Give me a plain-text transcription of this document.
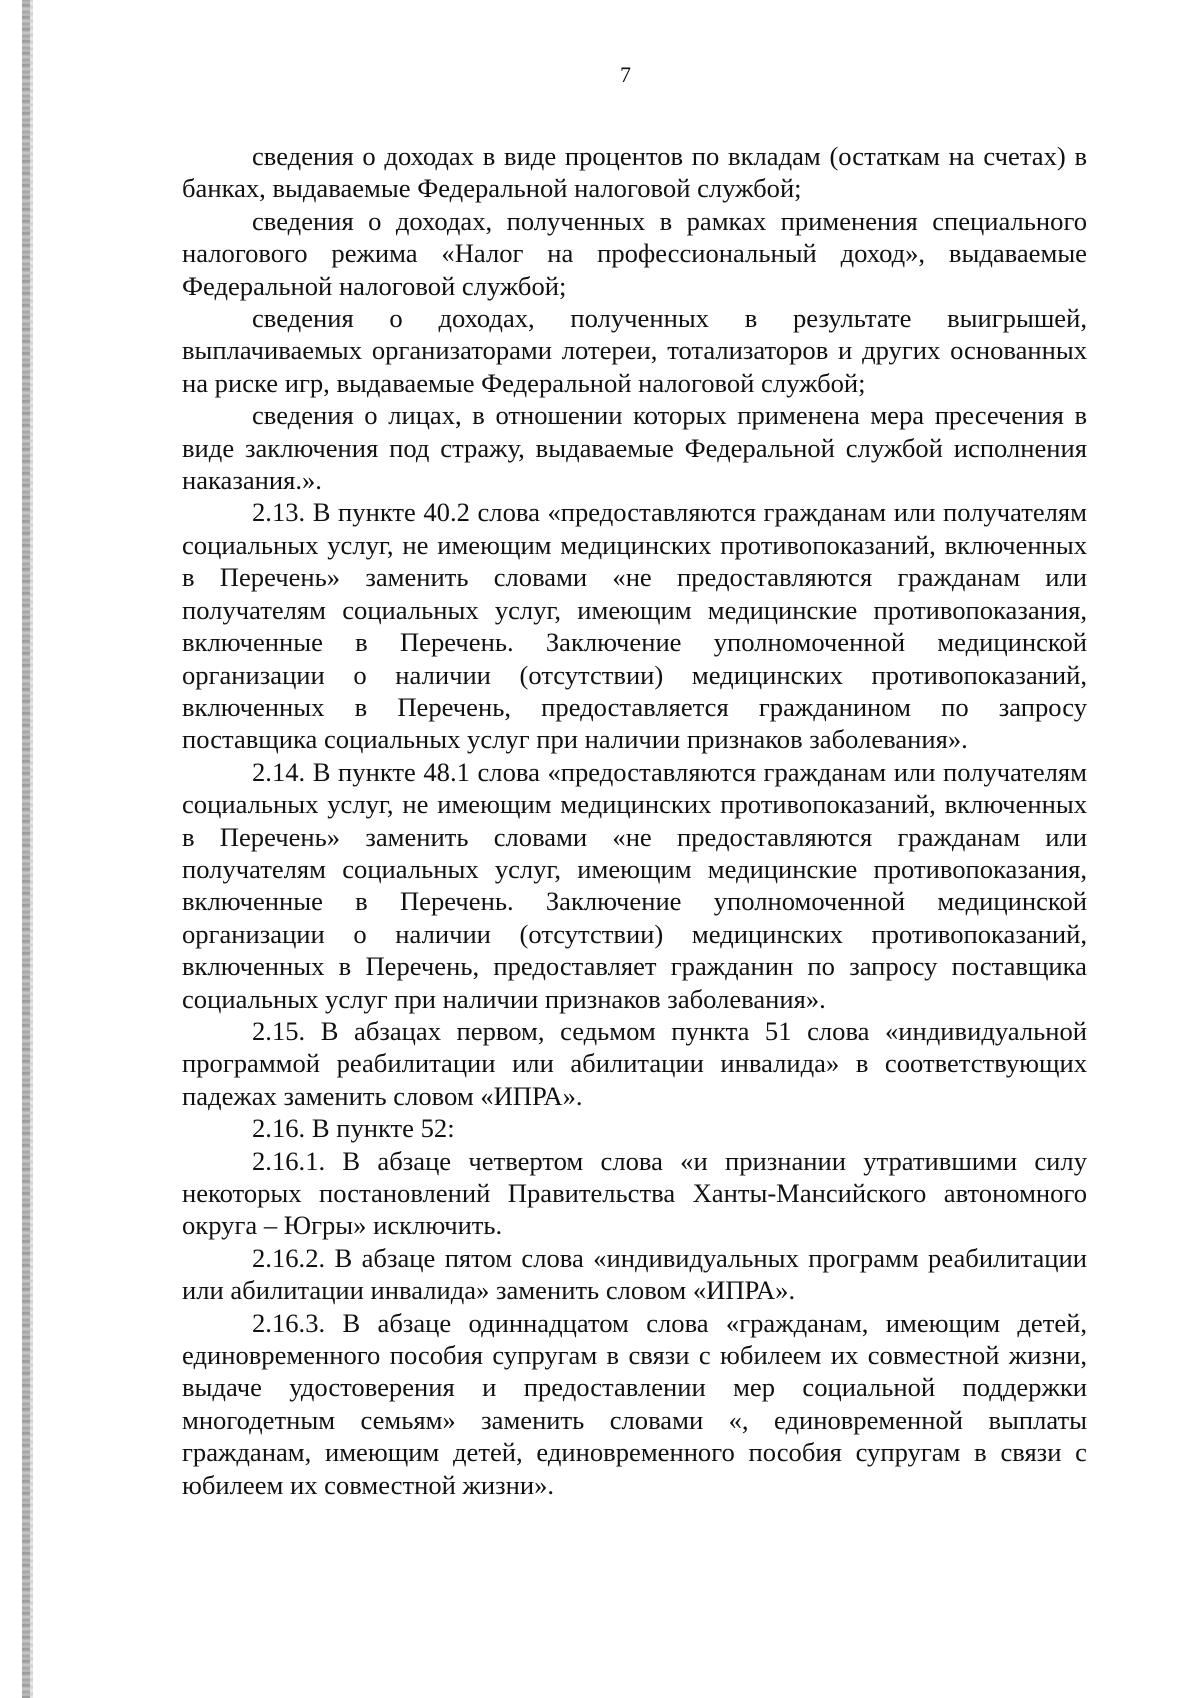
7

сведения о доходах в виде процентов по вкладам (остаткам на счетах) в банках, выдаваемые Федеральной налоговой службой;

сведения о доходах, полученных в рамках применения специального налогового режима «Налог на профессиональный доход», выдаваемые Федеральной налоговой службой;

сведения о доходах, полученных в результате выигрышей, выплачиваемых организаторами лотереи, тотализаторов и других основанных на риске игр, выдаваемые Федеральной налоговой службой;

сведения о лицах, в отношении которых применена мера пресечения в виде заключения под стражу, выдаваемые Федеральной службой исполнения наказания.».

2.13. В пункте 40.2 слова «предоставляются гражданам или получателям социальных услуг, не имеющим медицинских противопоказаний, включенных в Перечень» заменить словами «не предоставляются гражданам или получателям социальных услуг, имеющим медицинские противопоказания, включенные в Перечень. Заключение уполномоченной медицинской организации о наличии (отсутствии) медицинских противопоказаний, включенных в Перечень, предоставляется гражданином по запросу поставщика социальных услуг при наличии признаков заболевания».

2.14. В пункте 48.1 слова «предоставляются гражданам или получателям социальных услуг, не имеющим медицинских противопоказаний, включенных в Перечень» заменить словами «не предоставляются гражданам или получателям социальных услуг, имеющим медицинские противопоказания, включенные в Перечень. Заключение уполномоченной медицинской организации о наличии (отсутствии) медицинских противопоказаний, включенных в Перечень, предоставляет гражданин по запросу поставщика социальных услуг при наличии признаков заболевания».

2.15. В абзацах первом, седьмом пункта 51 слова «индивидуальной программой реабилитации или абилитации инвалида» в соответствующих падежах заменить словом «ИПРА».

2.16. В пункте 52:

2.16.1. В абзаце четвертом слова «и признании утратившими силу некоторых постановлений Правительства Ханты-Мансийского автономного округа – Югры» исключить.

2.16.2. В абзаце пятом слова «индивидуальных программ реабилитации или абилитации инвалида» заменить словом «ИПРА».

2.16.3. В абзаце одиннадцатом слова «гражданам, имеющим детей, единовременного пособия супругам в связи с юбилеем их совместной жизни, выдаче удостоверения и предоставлении мер социальной поддержки многодетным семьям» заменить словами «, единовременной выплаты гражданам, имеющим детей, единовременного пособия супругам в связи с юбилеем их совместной жизни».
